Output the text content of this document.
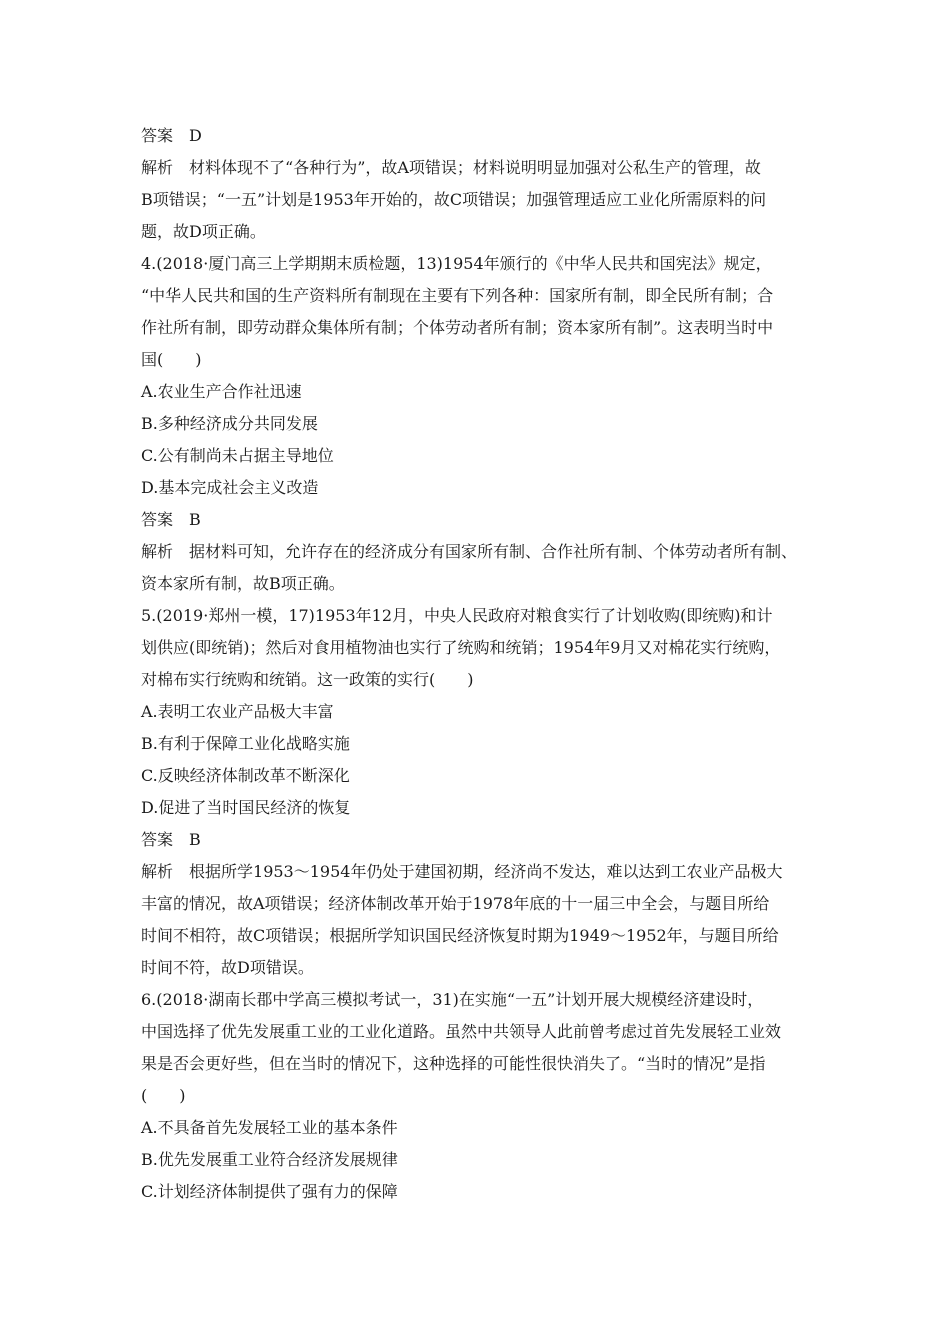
答案 D
解析 材料体现不了“各种行为”，故A项错误；材料说明明显加强对公私生产的管理，故
B项错误；“一五”计划是1953年开始的，故C项错误；加强管理适应工业化所需原料的问
题，故D项正确。
4.(2018·厦门高三上学期期末质检题，13)1954年颁行的《中华人民共和国宪法》规定，
“中华人民共和国的生产资料所有制现在主要有下列各种：国家所有制，即全民所有制；合
作社所有制，即劳动群众集体所有制；个体劳动者所有制；资本家所有制”。这表明当时中
国(　　)
A.农业生产合作社迅速
B.多种经济成分共同发展
C.公有制尚未占据主导地位
D.基本完成社会主义改造
答案 B
解析 据材料可知，允许存在的经济成分有国家所有制、合作社所有制、个体劳动者所有制、
资本家所有制，故B项正确。
5.(2019·郑州一模，17)1953年12月，中央人民政府对粮食实行了计划收购(即统购)和计
划供应(即统销)；然后对食用植物油也实行了统购和统销；1954年9月又对棉花实行统购，
对棉布实行统购和统销。这一政策的实行(　　)
A.表明工农业产品极大丰富
B.有利于保障工业化战略实施
C.反映经济体制改革不断深化
D.促进了当时国民经济的恢复
答案 B
解析 根据所学1953～1954年仍处于建国初期，经济尚不发达，难以达到工农业产品极大
丰富的情况，故A项错误；经济体制改革开始于1978年底的十一届三中全会，与题目所给
时间不相符，故C项错误；根据所学知识国民经济恢复时期为1949～1952年，与题目所给
时间不符，故D项错误。
6.(2018·湖南长郡中学高三模拟考试一，31)在实施“一五”计划开展大规模经济建设时，
中国选择了优先发展重工业的工业化道路。虽然中共领导人此前曾考虑过首先发展轻工业效
果是否会更好些，但在当时的情况下，这种选择的可能性很快消失了。“当时的情况”是指
(　　)
A.不具备首先发展轻工业的基本条件
B.优先发展重工业符合经济发展规律
C.计划经济体制提供了强有力的保障
